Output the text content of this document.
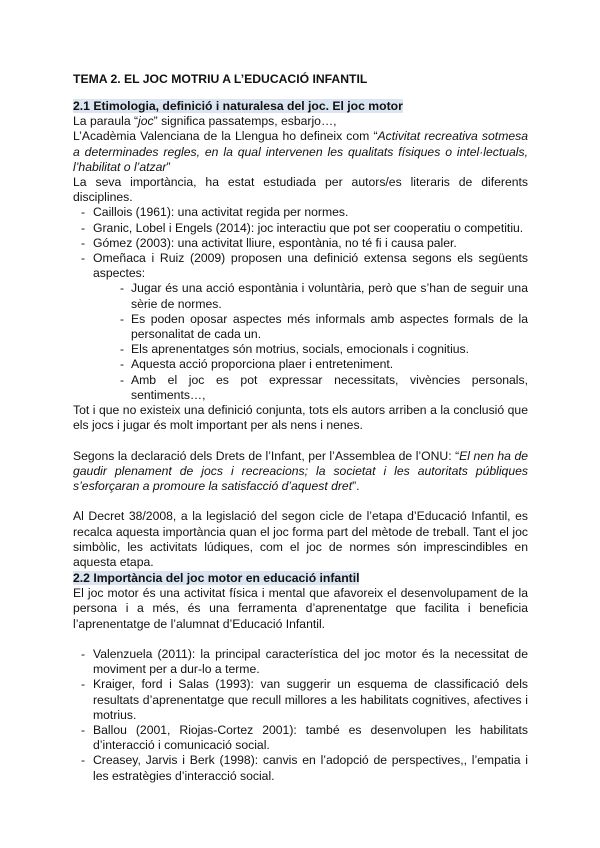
TEMA 2. EL JOC MOTRIU A L’EDUCACIÓ INFANTIL
2.1 Etimologia, definició i naturalesa del joc. El joc motor

La paraula “joc” significa passatemps, esbarjo…,

L’Acadèmia Valenciana de la Llengua ho defineix com “Activitat recreativa sotmesa a determinades regles, en la qual intervenen les qualitats físiques o intel·lectuals, l’habilitat o l’atzar”

La seva importància, ha estat estudiada per autors/es literaris de diferents disciplines.

- Caillois (1961): una activitat regida per normes.
- Granic, Lobel i Engels (2014): joc interactiu que pot ser cooperatiu o competitiu.
- Gómez (2003): una activitat lliure, espontània, no té fi i causa paler.
- Omeñaca i Ruiz (2009) proposen una definició extensa segons els següents aspectes:
- Jugar és una acció espontània i voluntària, però que s’han de seguir una sèrie de normes.
- Es poden oposar aspectes més informals amb aspectes formals de la personalitat de cada un.
- Els aprenentatges són motrius, socials, emocionals i cognitius.
- Aquesta acció proporciona plaer i entreteniment.
- Amb el joc es pot expressar necessitats, vivències personals, sentiments…,

Tot i que no existeix una definició conjunta, tots els autors arriben a la conclusió que els jocs i jugar és molt important per als nens i nenes.

Segons la declaració dels Drets de l’Infant, per l’Assemblea de l’ONU: “El nen ha de gaudir plenament de jocs i recreacions; la societat i les autoritats públiques s’esforçaran a promoure la satisfacció d’aquest dret”.

Al Decret 38/2008, a la legislació del segon cicle de l’etapa d’Educació Infantil, es recalca aquesta importància quan el joc forma part del mètode de treball. Tant el joc simbòlic, les activitats lúdiques, com el joc de normes són imprescindibles en aquesta etapa.

2.2 Importància del joc motor en educació infantil

El joc motor és una activitat física i mental que afavoreix el desenvolupament de la persona i a més, és una ferramenta d’aprenentatge que facilita i beneficia l’aprenentatge de l’alumnat d’Educació Infantil.

- Valenzuela (2011): la principal característica del joc motor és la necessitat de moviment per a dur-lo a terme.
- Kraiger, ford i Salas (1993): van suggerir un esquema de classificació dels resultats d’aprenentatge que recull millores a les habilitats cognitives, afectives i motrius.
- Ballou (2001, Riojas-Cortez 2001): també es desenvolupen les habilitats d’interacció i comunicació social.
- Creasey, Jarvis i Berk (1998): canvis en l’adopció de perspectives,, l’empatia i les estratègies d’interacció social.
